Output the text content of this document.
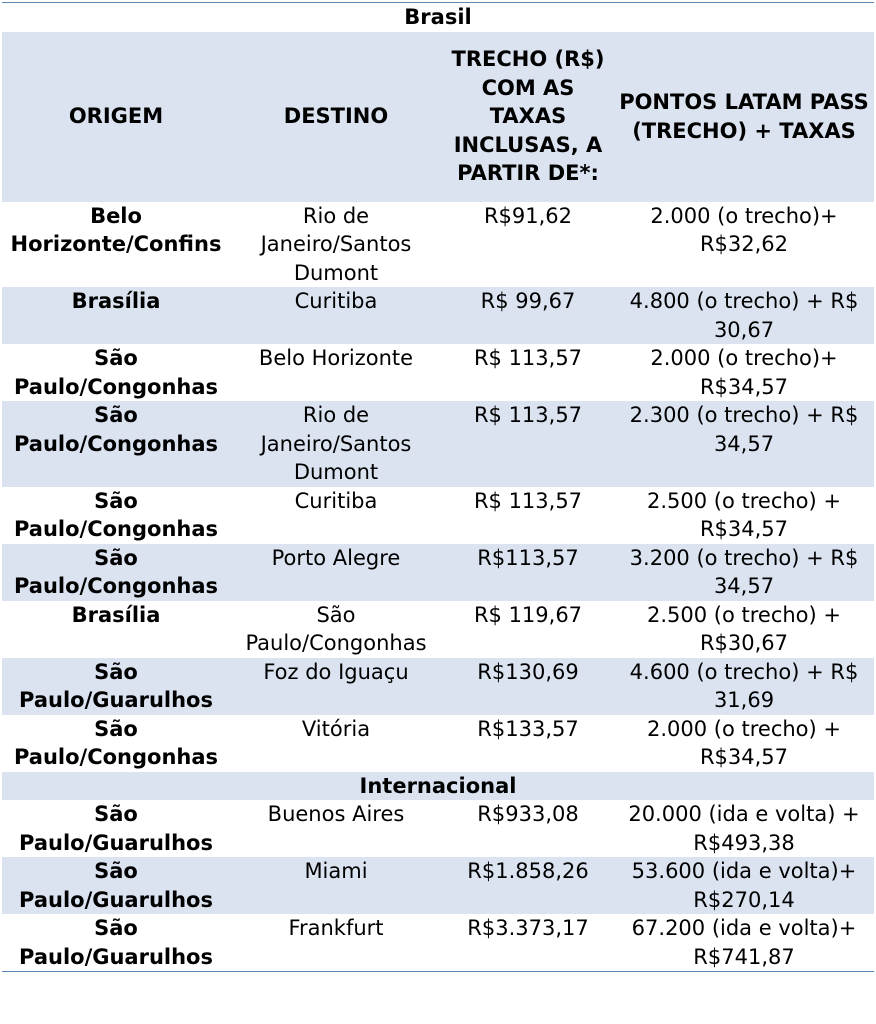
Brasil			
ORIGEM	DESTINO	TRECHO (R$) COM AS TAXAS INCLUSAS, A PARTIR DE*:	PONTOS LATAM PASS (TRECHO) + TAXAS
Belo Horizonte/Confins	Rio de Janeiro/Santos Dumont	R$91,62	2.000 (o trecho)+ R$32,62
Brasília	Curitiba	R$ 99,67	4.800 (o trecho) + R$ 30,67
São Paulo/Congonhas	Belo Horizonte	R$ 113,57	2.000 (o trecho)+ R$34,57
São Paulo/Congonhas	Rio de Janeiro/Santos Dumont	R$ 113,57	2.300 (o trecho) + R$ 34,57
São Paulo/Congonhas	Curitiba	R$ 113,57	2.500 (o trecho) + R$34,57
São Paulo/Congonhas	Porto Alegre	R$113,57	3.200 (o trecho) + R$ 34,57
Brasília	São Paulo/Congonhas	R$ 119,67	2.500 (o trecho) + R$30,67
São Paulo/Guarulhos	Foz do Iguaçu	R$130,69	4.600 (o trecho) + R$ 31,69
São Paulo/Congonhas	Vitória	R$133,57	2.000 (o trecho) + R$34,57
Internacional			
São Paulo/Guarulhos	Buenos Aires	R$933,08	20.000 (ida e volta) + R$493,38
São Paulo/Guarulhos	Miami	R$1.858,26	53.600 (ida e volta)+ R$270,14
São Paulo/Guarulhos	Frankfurt	R$3.373,17	67.200 (ida e volta)+ R$741,87
